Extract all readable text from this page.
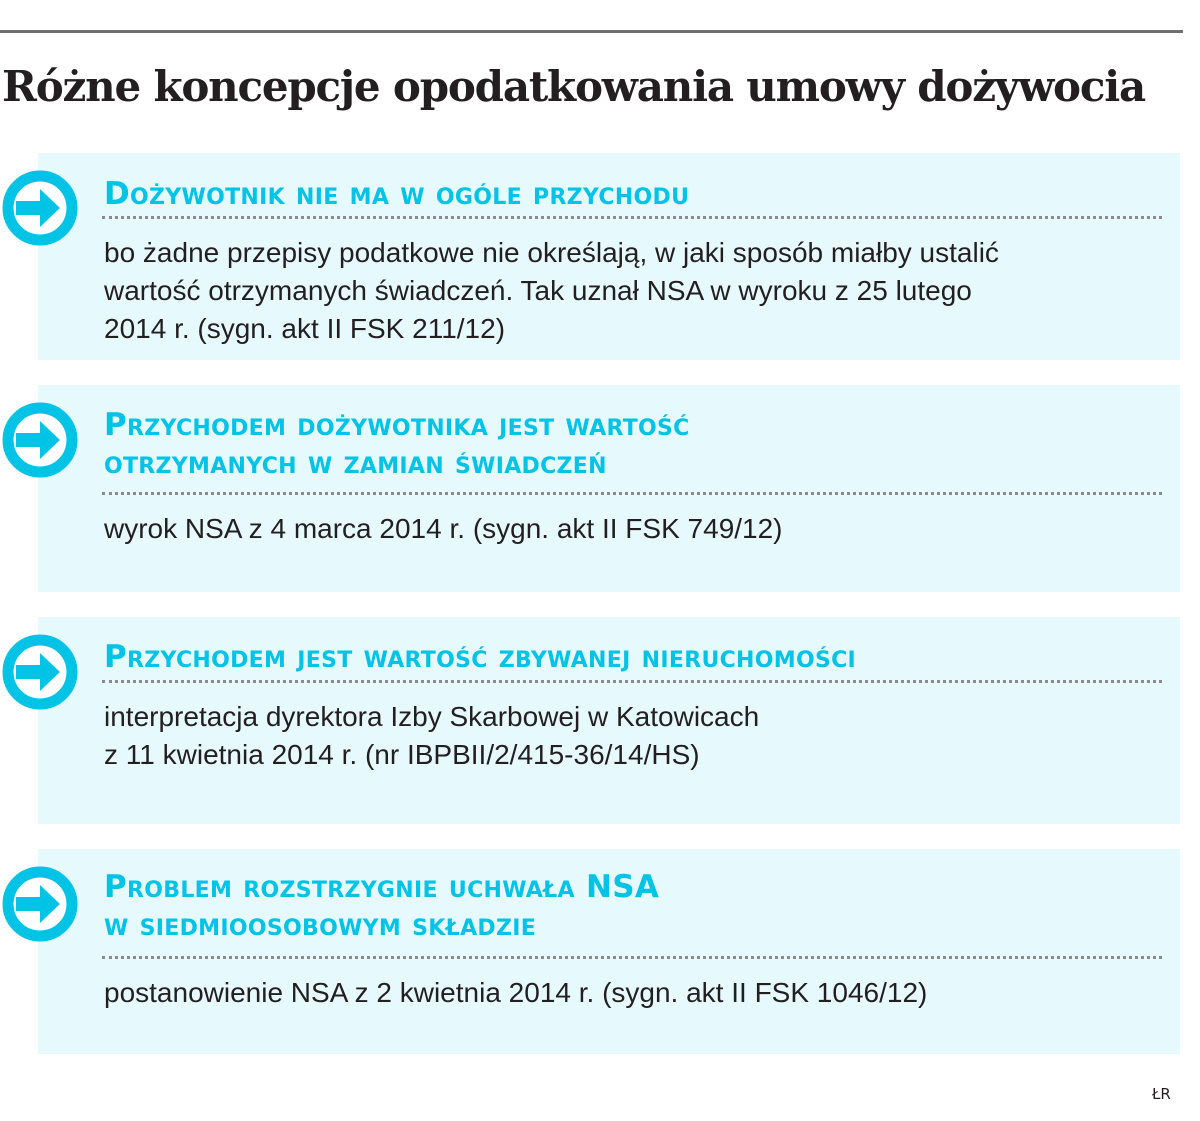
Różne koncepcje opodatkowania umowy dożywocia
Dożywotnik nie ma w ogóle przychodu

bo żadne przepisy podatkowe nie określają, w jaki sposób miałby ustalić

wartość otrzymanych świadczeń. Tak uznał NSA w wyroku z 25 lutego

2014 r. (sygn. akt II FSK 211/12)

Przychodem dożywotnika jest wartość
otrzymanych w zamian świadczeń

wyrok NSA z 4 marca 2014 r. (sygn. akt II FSK 749/12)

Przychodem jest wartość zbywanej nieruchomości

interpretacja dyrektora Izby Skarbowej w Katowicach

z 11 kwietnia 2014 r. (nr IBPBII/2/415-36/14/HS)

Problem rozstrzygnie uchwała NSA
w siedmioosobowym składzie

postanowienie NSA z 2 kwietnia 2014 r. (sygn. akt II FSK 1046/12)

ŁR
